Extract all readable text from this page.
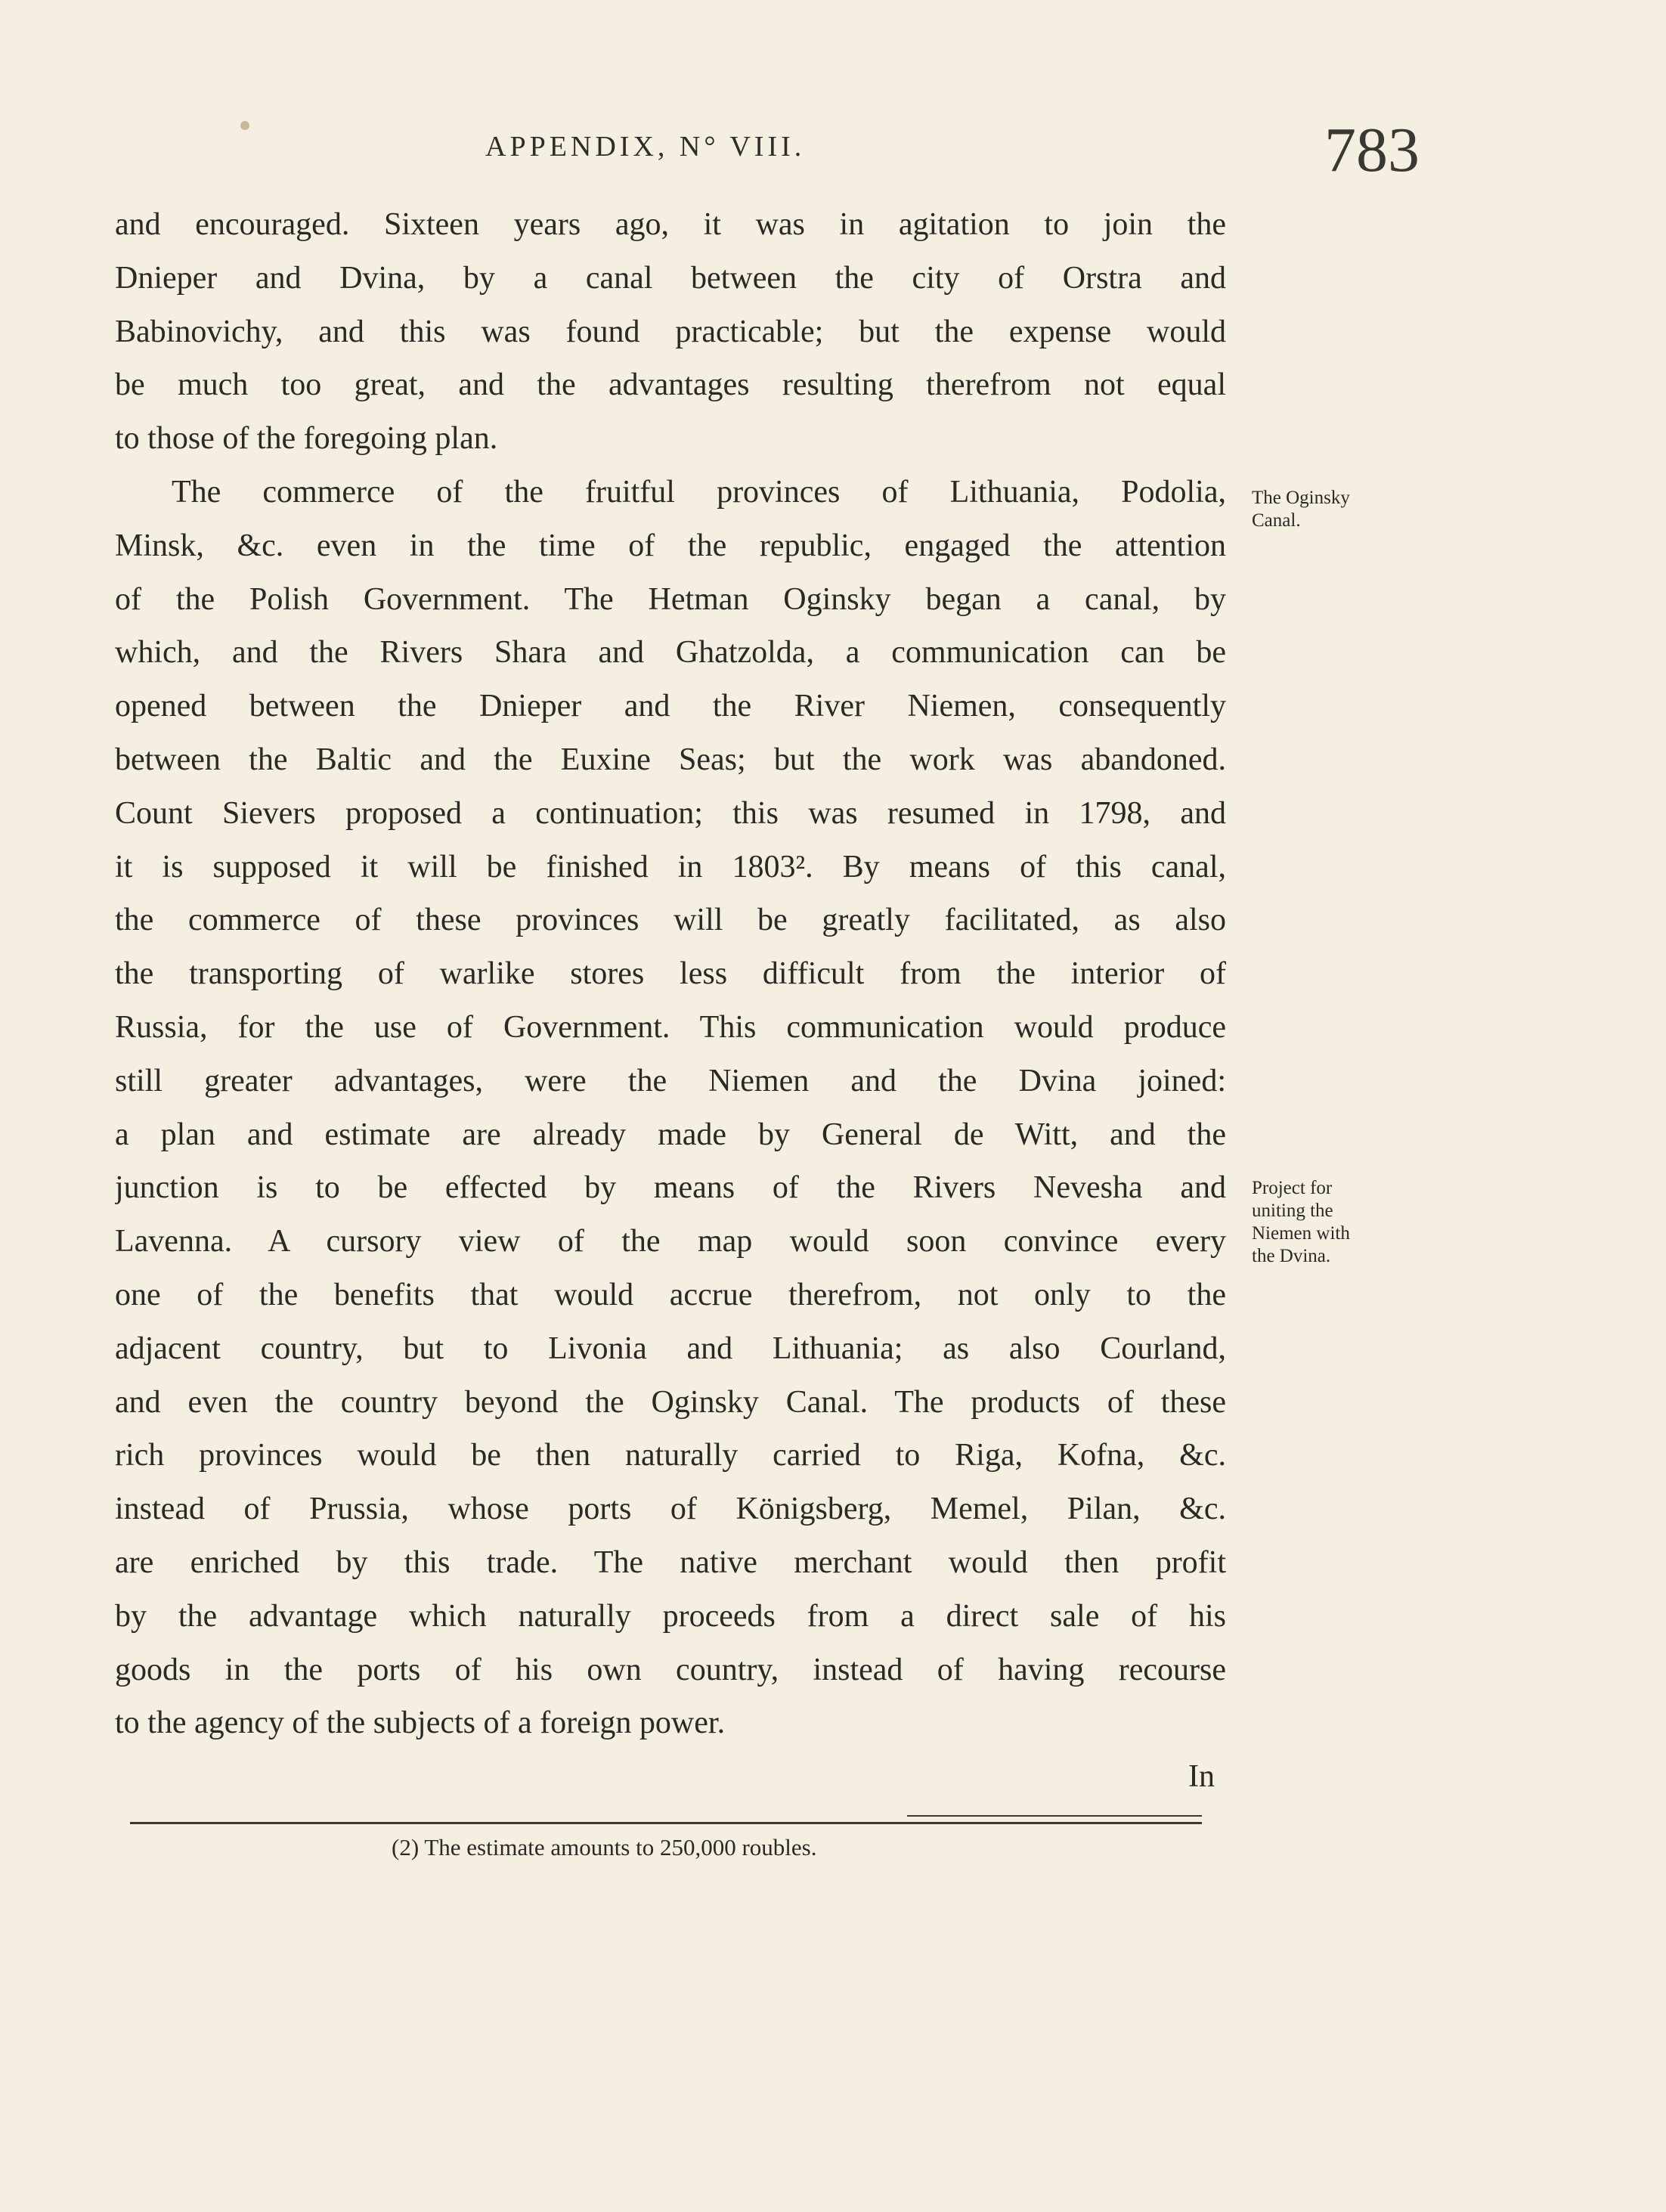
APPENDIX, N° VIII.	783
and encouraged. Sixteen years ago, it was in agitation to join the
Dnieper and Dvina, by a canal between the city of Orstra and
Babinovichy, and this was found practicable; but the expense would
be much too great, and the advantages resulting therefrom not equal
to those of the foregoing plan.
The commerce of the fruitful provinces of Lithuania, Podolia,
Minsk, &c. even in the time of the republic, engaged the attention
of the Polish Government. The Hetman Oginsky began a canal, by
which, and the Rivers Shara and Ghatzolda, a communication can be
opened between the Dnieper and the River Niemen, consequently
between the Baltic and the Euxine Seas; but the work was abandoned.
Count Sievers proposed a continuation; this was resumed in 1798, and
it is supposed it will be finished in 1803². By means of this canal,
the commerce of these provinces will be greatly facilitated, as also
the transporting of warlike stores less difficult from the interior of
Russia, for the use of Government. This communication would produce
still greater advantages, were the Niemen and the Dvina joined:
a plan and estimate are already made by General de Witt, and the
junction is to be effected by means of the Rivers Nevesha and
Lavenna. A cursory view of the map would soon convince every
one of the benefits that would accrue therefrom, not only to the
adjacent country, but to Livonia and Lithuania; as also Courland,
and even the country beyond the Oginsky Canal. The products of these
rich provinces would be then naturally carried to Riga, Kofna, &c.
instead of Prussia, whose ports of Königsberg, Memel, Pilan, &c.
are enriched by this trade. The native merchant would then profit
by the advantage which naturally proceeds from a direct sale of his
goods in the ports of his own country, instead of having recourse
to the agency of the subjects of a foreign power.
In
The Oginsky
Canal.
Project for
uniting the
Niemen with
the Dvina.
(2) The estimate amounts to 250,000 roubles.
